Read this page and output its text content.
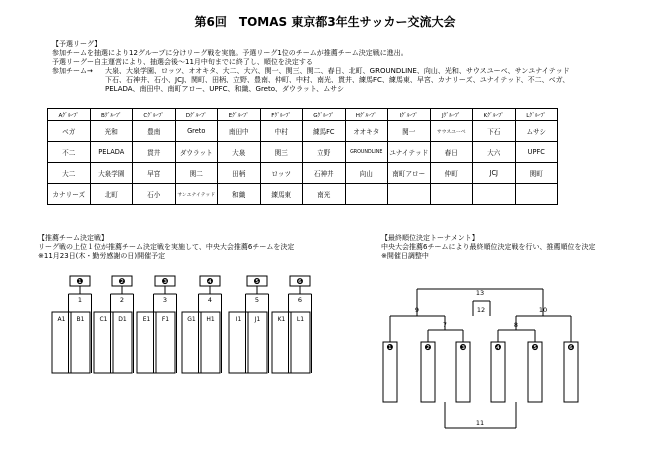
第6回　TOMAS 東京都3年生サッカー交流大会
【予選リーグ】
参加チームを抽選により12グループに分けリーグ戦を実施。予選リーグ1位のチームが推薦チーム決定戦に進出。
予選リーグー自主運営により、抽選会後～11月中旬までに終了し、順位を決定する
参加チーム→ 大泉、大泉学園、ロッツ、オオキタ、大二、大六、関一、関三、関二、春日、北町、GROUNDLINE、向山、光和、サウスユーベ、サンユナイテッド
下石、石神井、石小、JCJ、関町、田柄、立野、豊南、仲町、中村、南光、貫井、練馬FC、練馬東、早宮、カナリーズ、ユナイテッド、不二、ベガ、
PELADA、南田中、南町アロー、UPFC、和織、Greto、ダウラット、ムサシ
Aｸﾞﾙｰﾌﾟ	Bｸﾞﾙｰﾌﾟ	Cｸﾞﾙｰﾌﾟ	Dｸﾞﾙｰﾌﾟ	Eｸﾞﾙｰﾌﾟ	Fｸﾞﾙｰﾌﾟ	Gｸﾞﾙｰﾌﾟ	Hｸﾞﾙｰﾌﾟ	Iｸﾞﾙｰﾌﾟ	Jｸﾞﾙｰﾌﾟ	Kｸﾞﾙｰﾌﾟ	Lｸﾞﾙｰﾌﾟ
ベガ	光和	豊南	Greto	南田中	中村	練馬FC	オオキタ	関一	サウスユーベ	下石	ムサシ
不二	PELADA	貫井	ダウラット	大泉	関三	立野	GROUNDLINE	ユナイテッド	春日	大六	UPFC
大二	大泉学園	早宮	関二	田柄	ロッツ	石神井	向山	南町アロー	仲町	JCJ	関町
カナリーズ	北町	石小	サンユナイテッド	和織	練馬東	南光					
【推薦チーム決定戦】
リーグ戦の上位１位が推薦チーム決定戦を実施して、中央大会推薦6チームを決定
※11月23日(木・勤労感謝の日)開催予定
【最終順位決定トーナメント】
中央大会推薦6チームにより最終順位決定戦を行い、推薦順位を決定
※開催日調整中
❶	❷	❸	❹	❺	❻
1	2	3	4	5	6
A1 B1	C1 D1	E1 F1	G1 H1	I1 J1	K1 L1
❶	❷	❸	❹	❺	❻
13
9	12	10
7	8
11
